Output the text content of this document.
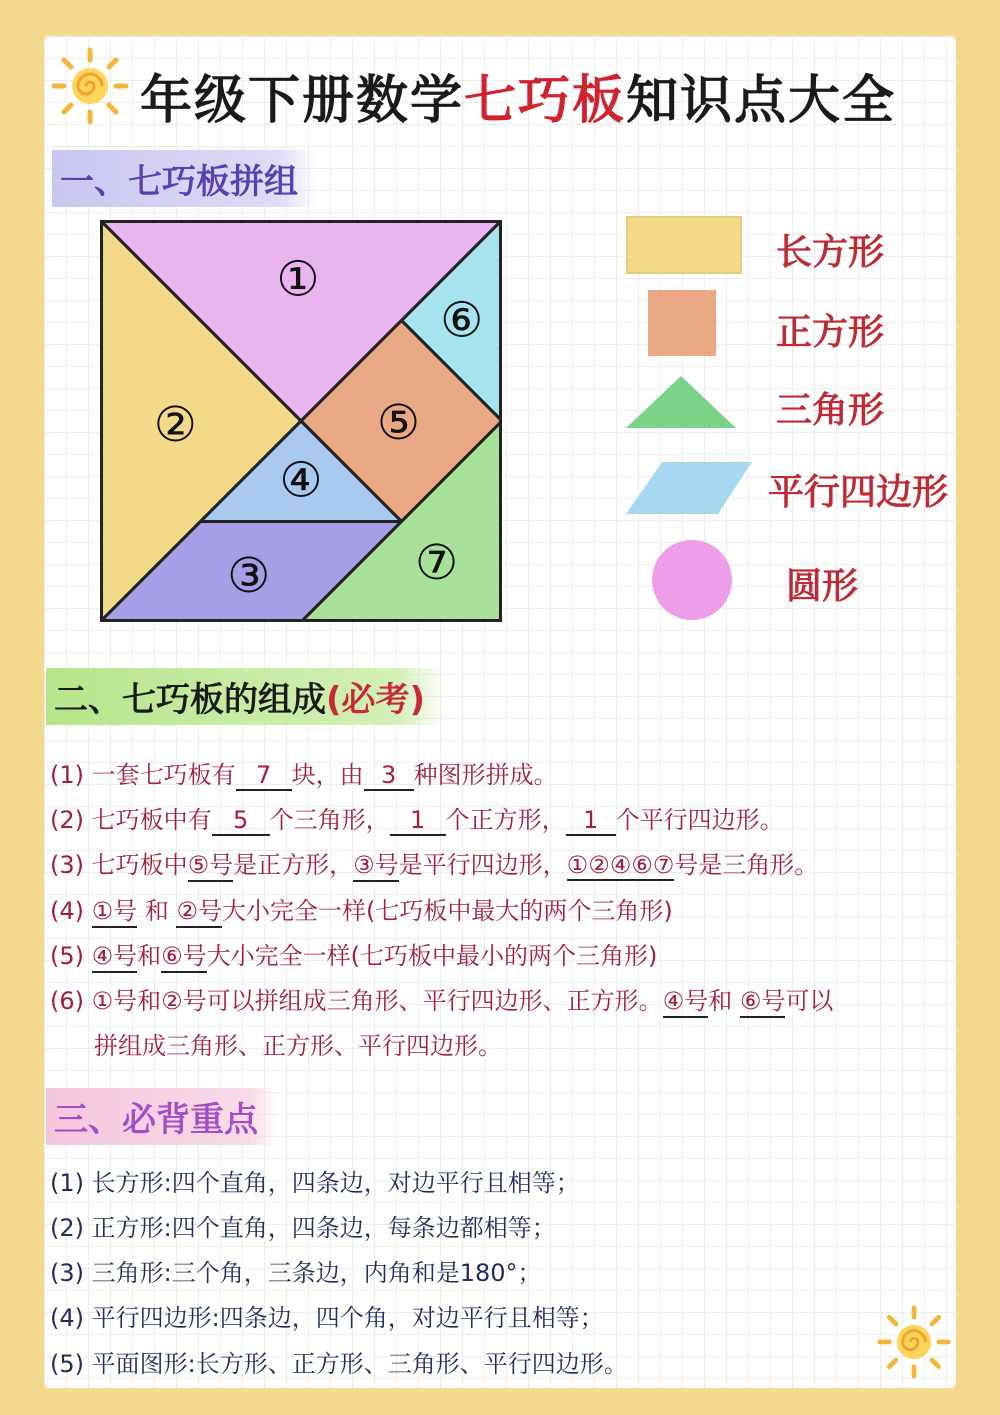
年级下册数学七巧板知识点大全
一、七巧板拼组
①
②
③
④
⑤
⑥
⑦
长方形
正方形
三角形
平行四边形
圆形
二、七巧板的组成(必考)
(1) 一套七巧板有 7 块，由 3 种图形拼成。
(2) 七巧板中有 5 个三角形， 1 个正方形， 1 个平行四边形。
(3) 七巧板中⑤号是正方形，③号是平行四边形，①②④⑥⑦号是三角形。
(4) ①号 和 ②号大小完全一样(七巧板中最大的两个三角形)
(5) ④号和⑥号大小完全一样(七巧板中最小的两个三角形)
(6) ①号和②号可以拼组成三角形、平行四边形、正方形。④号和 ⑥号可以
拼组成三角形、正方形、平行四边形。
三、必背重点
(1) 长方形:四个直角，四条边，对边平行且相等；
(2) 正方形:四个直角，四条边，每条边都相等；
(3) 三角形:三个角，三条边，内角和是180°；
(4) 平行四边形:四条边，四个角，对边平行且相等；
(5) 平面图形:长方形、正方形、三角形、平行四边形。
